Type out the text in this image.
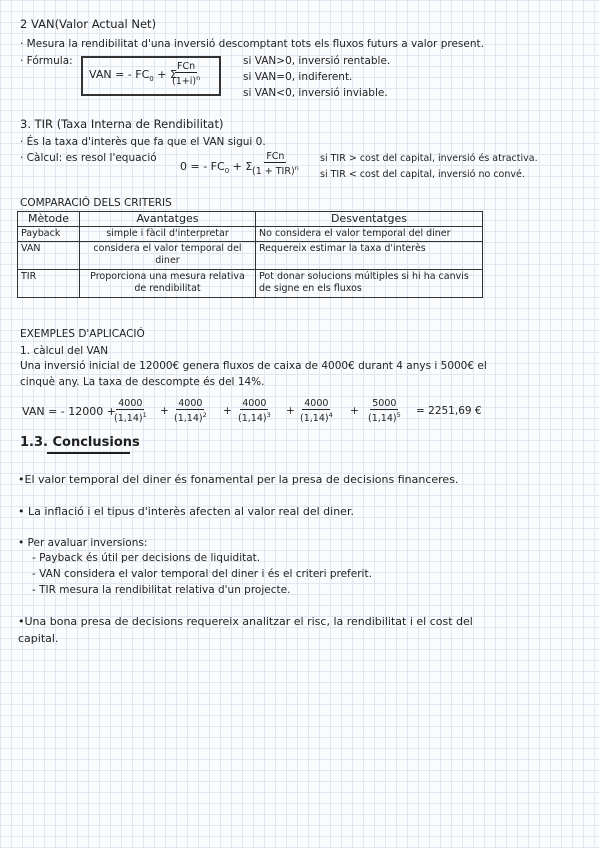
2 VAN(Valor Actual Net)
· Mesura la rendibilitat d'una inversió descomptant tots els fluxos futurs a valor present.
· Fórmula:
VAN = - $FC_0 + \Sigma$
FCn
$(1+i)^n$
si VAN>0, inversió rentable.
si VAN=0, indiferent.
si VAN<0, inversió inviable.
3. TIR (Taxa Interna de Rendibilitat)
· És la taxa d'interès que fa que el VAN sigui 0.
· Càlcul: es resol l'equació
0 = - $FC_0 + \Sigma$
FCn
(1 + TIR)$^n$
si TIR > cost del capital, inversió és atractiva.
si TIR < cost del capital, inversió no convé.
COMPARACIÓ DELS CRITERIS
Mètode	Avantatges	Desventatges
Payback	simple i fàcil d'interpretar	No considera el valor temporal del diner
VAN	considera el valor temporal del diner	Requereix estimar la taxa d'interès
TIR	Proporciona una mesura relativa de rendibilitat	Pot donar solucions múltiples si hi ha canvis de signe en els fluxos
EXEMPLES D'APLICACIÓ
1. càlcul del VAN
Una inversió inicial de 12000€ genera fluxos de caixa de 4000€ durant 4 anys i 5000€ el
cinquè any. La taxa de descompte és del 14%.
VAN = - 12000 +
$\frac{4000}{(1,14)^1} + \frac{4000}{(1,14)^2} + \frac{4000}{(1,14)^3} + \frac{4000}{(1,14)^4} + \frac{5000}{(1,14)^5} = 2251,69$ €
1.3. Conclusions
•El valor temporal del diner és fonamental per la presa de decisions financeres.
• La inflació i el tipus d'interès afecten al valor real del diner.
• Per avaluar inversions:
- Payback és útil per decisions de liquiditat.
- VAN considera el valor temporal del diner i és el criteri preferit.
- TIR mesura la rendibilitat relativa d'un projecte.
•Una bona presa de decisions requereix analitzar el risc, la rendibilitat i el cost del
capital.
